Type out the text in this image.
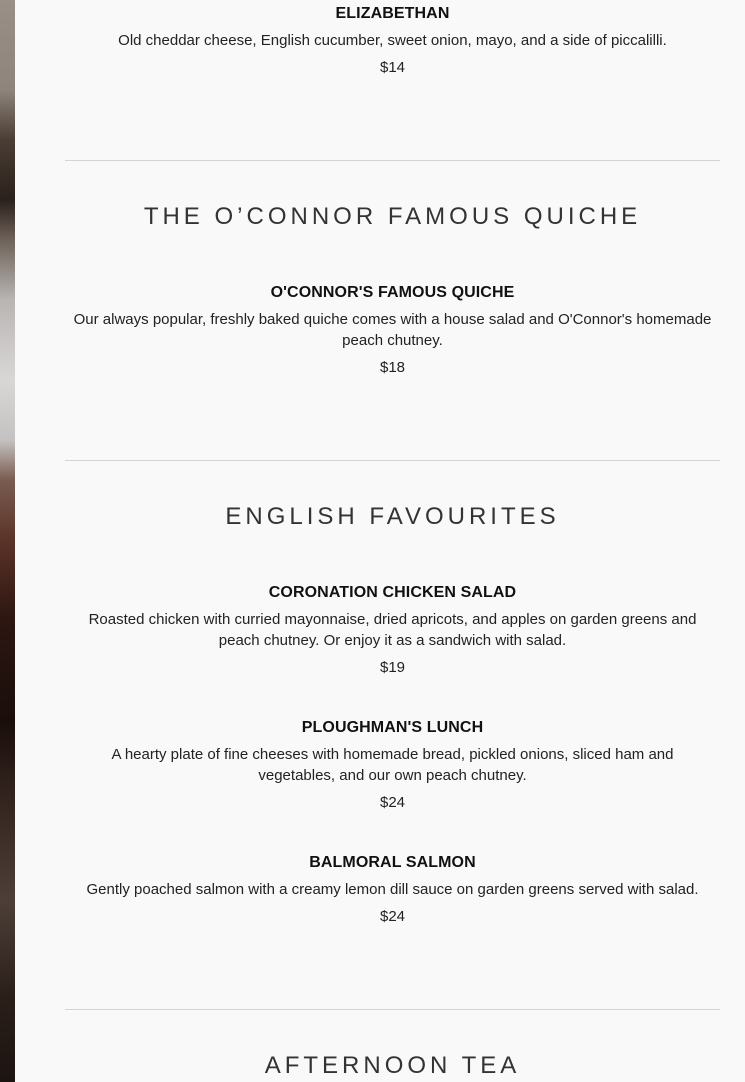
ELIZABETHAN

Old cheddar cheese, English cucumber, sweet onion, mayo, and a side of piccalilli.

$14

THE O’CONNOR FAMOUS QUICHE
O'CONNOR'S FAMOUS QUICHE

Our always popular, freshly baked quiche comes with a house salad and O'Connor's homemade peach chutney.

$18

ENGLISH FAVOURITES
CORONATION CHICKEN SALAD

Roasted chicken with curried mayonnaise, dried apricots, and apples on garden greens and peach chutney. Or enjoy it as a sandwich with salad.

$19

PLOUGHMAN'S LUNCH

A hearty plate of fine cheeses with homemade bread, pickled onions, sliced ham and vegetables, and our own peach chutney.

$24

BALMORAL SALMON

Gently poached salmon with a creamy lemon dill sauce on garden greens served with salad.

$24

AFTERNOON TEA
